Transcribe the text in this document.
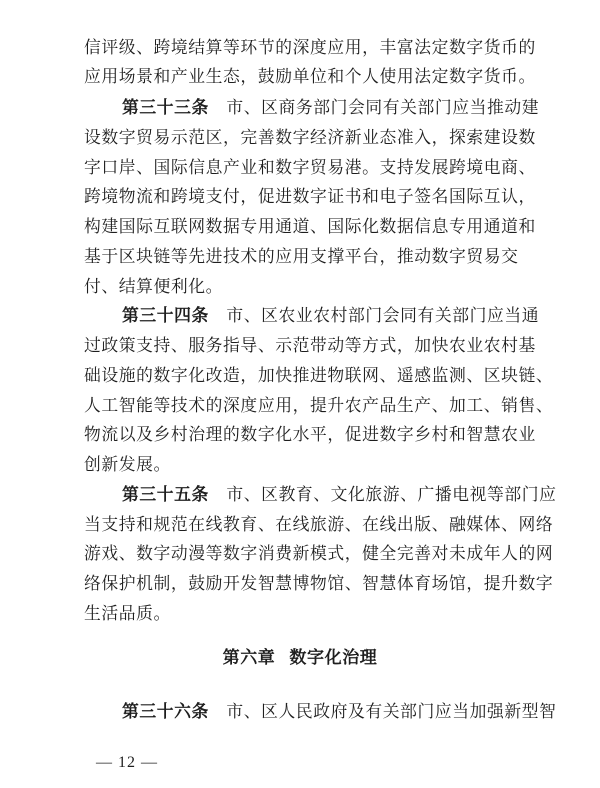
信评级、跨境结算等环节的深度应用，丰富法定数字货币的
应用场景和产业生态，鼓励单位和个人使用法定数字货币。
第三十三条　 市、区商务部门会同有关部门应当推动建
设数字贸易示范区，完善数字经济新业态准入，探索建设数
字口岸、国际信息产业和数字贸易港。支持发展跨境电商、
跨境物流和跨境支付，促进数字证书和电子签名国际互认，
构建国际互联网数据专用通道、国际化数据信息专用通道和
基于区块链等先进技术的应用支撑平台，推动数字贸易交
付、结算便利化。
第三十四条　 市、区农业农村部门会同有关部门应当通
过政策支持、服务指导、示范带动等方式，加快农业农村基
础设施的数字化改造，加快推进物联网、遥感监测、区块链、
人工智能等技术的深度应用，提升农产品生产、加工、销售、
物流以及乡村治理的数字化水平，促进数字乡村和智慧农业
创新发展。
第三十五条　 市、区教育、文化旅游、广播电视等部门应
当支持和规范在线教育、在线旅游、在线出版、融媒体、网络
游戏、数字动漫等数字消费新模式，健全完善对未成年人的网
络保护机制，鼓励开发智慧博物馆、智慧体育场馆，提升数字
生活品质。
第六章 数字化治理
第三十六条　 市、区人民政府及有关部门应当加强新型智
— 12 —
